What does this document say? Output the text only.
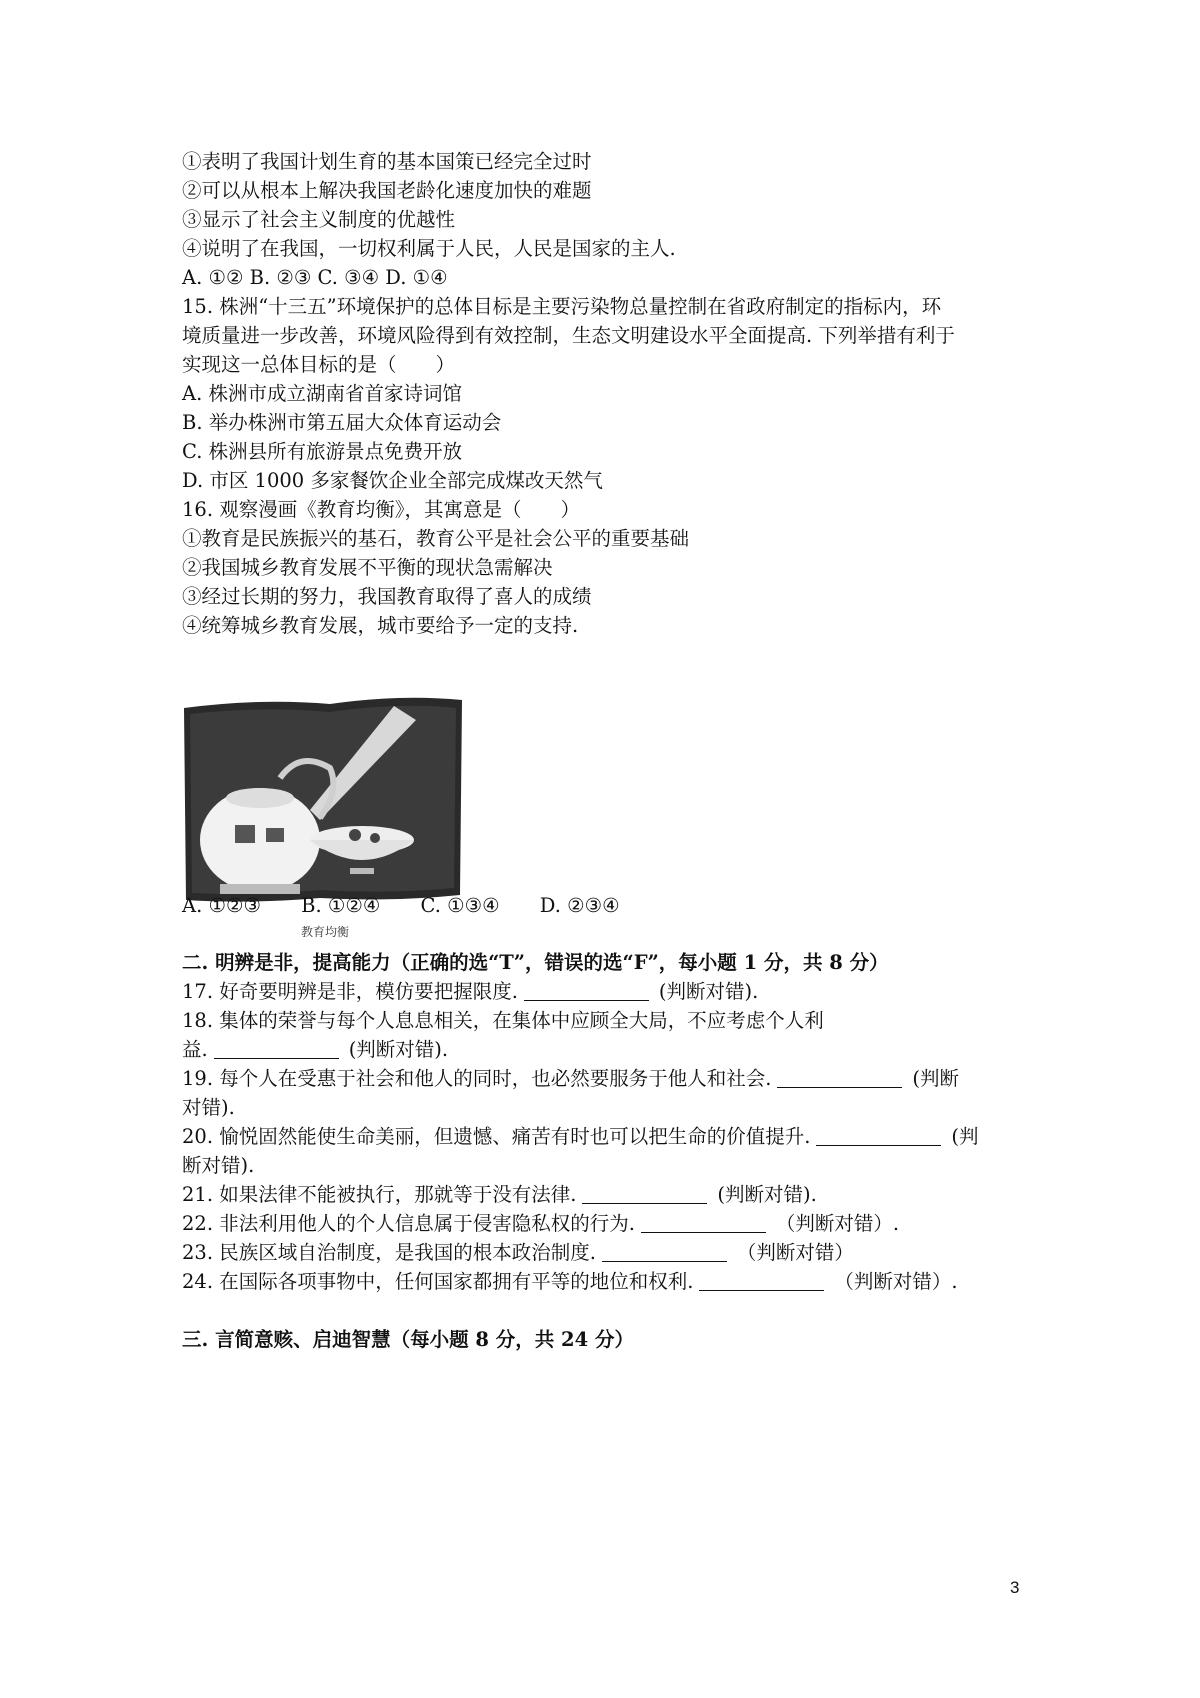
①表明了我国计划生育的基本国策已经完全过时
②可以从根本上解决我国老龄化速度加快的难题
③显示了社会主义制度的优越性
④说明了在我国，一切权利属于人民，人民是国家的主人.
A. ①② B. ②③ C. ③④ D. ①④
15. 株洲“十三五”环境保护的总体目标是主要污染物总量控制在省政府制定的指标内，环
境质量进一步改善，环境风险得到有效控制，生态文明建设水平全面提高. 下列举措有利于
实现这一总体目标的是（　　）
A. 株洲市成立湖南省首家诗词馆
B. 举办株洲市第五届大众体育运动会
C. 株洲县所有旅游景点免费开放
D. 市区 1000 多家餐饮企业全部完成煤改天然气
16. 观察漫画《教育均衡》，其寓意是（　　）
①教育是民族振兴的基石，教育公平是社会公平的重要基础
②我国城乡教育发展不平衡的现状急需解决
③经过长期的努力，我国教育取得了喜人的成绩
④统筹城乡教育发展，城市要给予一定的支持.
教育均衡
A. ①②③ B. ①②④ C. ①③④ D. ②③④
二. 明辨是非，提高能力（正确的选“T”，错误的选“F”，每小题 1 分，共 8 分）
17. 好奇要明辨是非，模仿要把握限度.	(判断对错).
18. 集体的荣誉与每个人息息相关，在集体中应顾全大局，不应考虑个人利
益.	(判断对错).
19. 每个人在受惠于社会和他人的同时，也必然要服务于他人和社会.	(判断
对错).
20. 愉悦固然能使生命美丽，但遗憾、痛苦有时也可以把生命的价值提升.	(判
断对错).
21. 如果法律不能被执行，那就等于没有法律.	(判断对错).
22. 非法利用他人的个人信息属于侵害隐私权的行为.	（判断对错）.
23. 民族区域自治制度，是我国的根本政治制度.	（判断对错）
24. 在国际各项事物中，任何国家都拥有平等的地位和权利.	（判断对错）.
三. 言简意赅、启迪智慧（每小题 8 分，共 24 分）
3
